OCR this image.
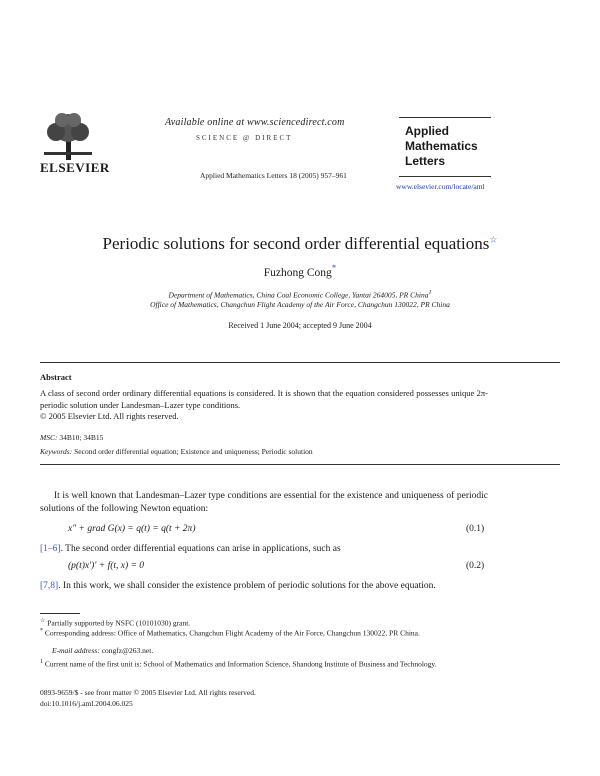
ELSEVIER
Available online at www.sciencedirect.com
SCIENCE @ DIRECT
Applied Mathematics Letters 18 (2005) 957–961
Applied
Mathematics
Letters
www.elsevier.com/locate/aml
Periodic solutions for second order differential equations☆
Fuzhong Cong*
Department of Mathematics, China Coal Economic College, Yantai 264005, PR China$^1$
Office of Mathematics, Changchun Flight Academy of the Air Force, Changchun 130022, PR China
Received 1 June 2004; accepted 9 June 2004
Abstract
A class of second order ordinary differential equations is considered. It is shown that the equation considered possesses unique 2π-periodic solution under Landesman–Lazer type conditions.
© 2005 Elsevier Ltd. All rights reserved.
MSC: 34B10; 34B15
Keywords: Second order differential equation; Existence and uniqueness; Periodic solution
It is well known that Landesman–Lazer type conditions are essential for the existence and uniqueness of periodic solutions of the following Newton equation:
x″ + grad G(x) = q(t) = q(t + 2π)	(0.1)
[1–6]. The second order differential equations can arise in applications, such as
(p(t)x′)′ + f(t, x) = 0	(0.2)
[7,8]. In this work, we shall consider the existence problem of periodic solutions for the above equation.
☆ Partially supported by NSFC (10101030) grant.
* Corresponding address: Office of Mathematics, Changchun Flight Academy of the Air Force, Changchun 130022, PR China.
E-mail address: congfz@263.net.
$^1$ Current name of the first unit is: School of Mathematics and Information Science, Shandong Institute of Business and Technology.
0893-9659/$ - see front matter © 2005 Elsevier Ltd. All rights reserved.
doi:10.1016/j.aml.2004.06.025
